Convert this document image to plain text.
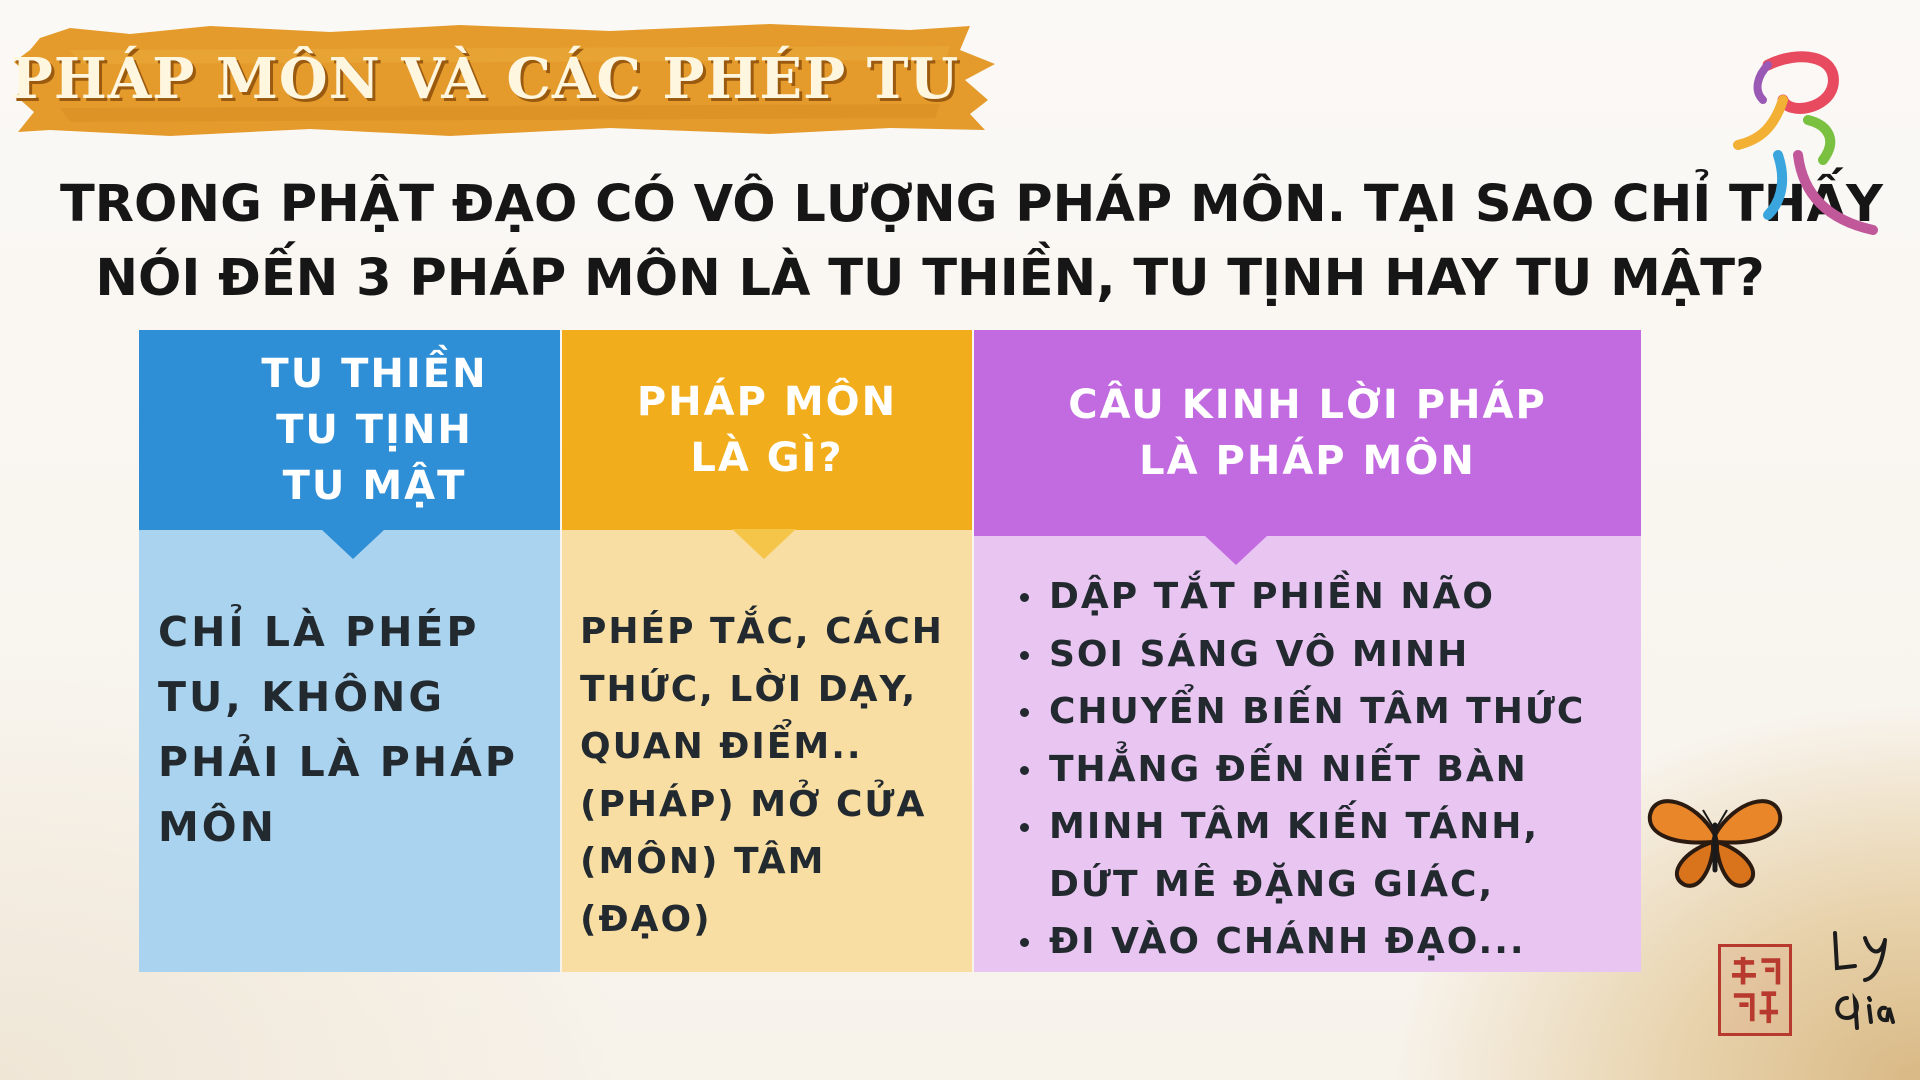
PHÁP MÔN VÀ CÁC PHÉP TU
TRONG PHẬT ĐẠO CÓ VÔ LƯỢNG PHÁP MÔN. TẠI SAO CHỈ THẤY
NÓI ĐẾN 3 PHÁP MÔN LÀ TU THIỀN, TU TỊNH HAY TU MẬT?
TU THIỀN
TU TỊNH
TU MẬT
CHỈ LÀ PHÉP TU, KHÔNG PHẢI LÀ PHÁP MÔN
PHÁP MÔN
LÀ GÌ?
PHÉP TẮC, CÁCH
THỨC, LỜI DẠY,
QUAN ĐIỂM..
(PHÁP) MỞ CỬA
(MÔN) TÂM (ĐẠO)
CÂU KINH LỜI PHÁP
LÀ PHÁP MÔN
DẬP TẮT PHIỀN NÃO
SOI SÁNG VÔ MINH
CHUYỂN BIẾN TÂM THỨC
THẲNG ĐẾN NIẾT BÀN
MINH TÂM KIẾN TÁNH, DỨT MÊ ĐẶNG GIÁC,
ĐI VÀO CHÁNH ĐẠO...
